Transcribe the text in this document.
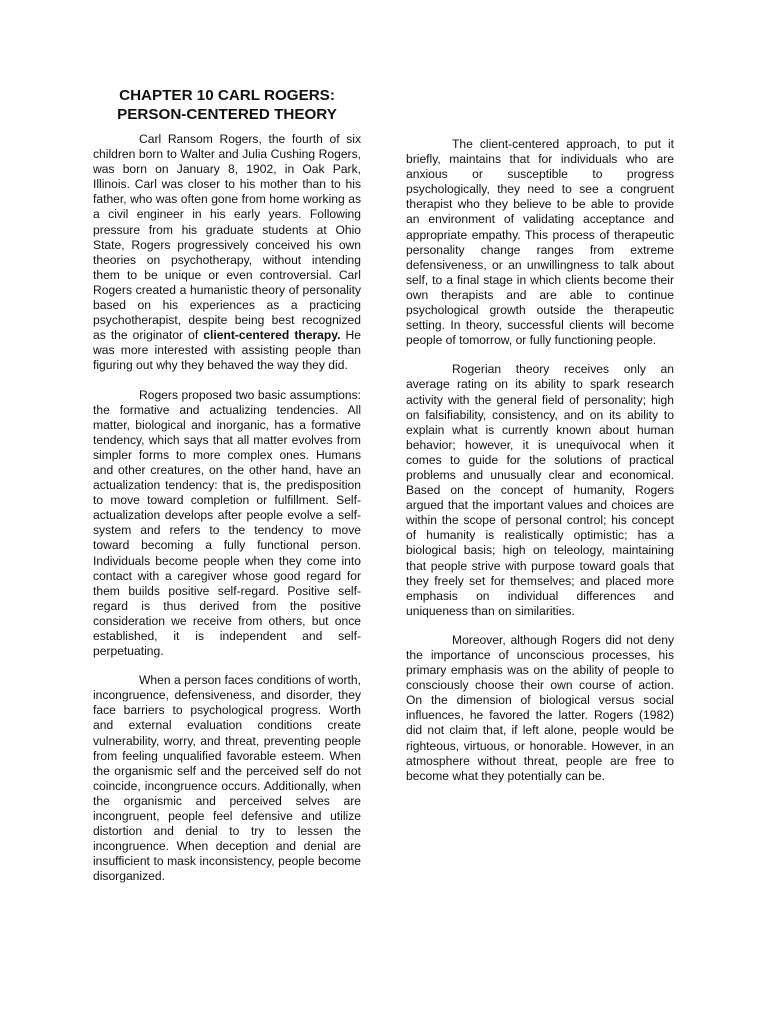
CHAPTER 10 CARL ROGERS:
PERSON-CENTERED THEORY

Carl Ransom Rogers, the fourth of six children born to Walter and Julia Cushing Rogers, was born on January 8, 1902, in Oak Park, Illinois. Carl was closer to his mother than to his father, who was often gone from home working as a civil engineer in his early years. Following pressure from his graduate students at Ohio State, Rogers progressively conceived his own theories on psychotherapy, without intending them to be unique or even controversial. Carl Rogers created a humanistic theory of personality based on his experiences as a practicing psychotherapist, despite being best recognized as the originator of client-centered therapy. He was more interested with assisting people than figuring out why they behaved the way they did.

Rogers proposed two basic assumptions: the formative and actualizing tendencies. All matter, biological and inorganic, has a formative tendency, which says that all matter evolves from simpler forms to more complex ones. Humans and other creatures, on the other hand, have an actualization tendency: that is, the predisposition to move toward completion or fulfillment. Self-actualization develops after people evolve a self-system and refers to the tendency to move toward becoming a fully functional person. Individuals become people when they come into contact with a caregiver whose good regard for them builds positive self-regard. Positive self-regard is thus derived from the positive consideration we receive from others, but once established, it is independent and self-perpetuating.

When a person faces conditions of worth, incongruence, defensiveness, and disorder, they face barriers to psychological progress. Worth and external evaluation conditions create vulnerability, worry, and threat, preventing people from feeling unqualified favorable esteem. When the organismic self and the perceived self do not coincide, incongruence occurs. Additionally, when the organismic and perceived selves are incongruent, people feel defensive and utilize distortion and denial to try to lessen the incongruence. When deception and denial are insufficient to mask inconsistency, people become disorganized.

The client-centered approach, to put it briefly, maintains that for individuals who are anxious or susceptible to progress psychologically, they need to see a congruent therapist who they believe to be able to provide an environment of validating acceptance and appropriate empathy. This process of therapeutic personality change ranges from extreme defensiveness, or an unwillingness to talk about self, to a final stage in which clients become their own therapists and are able to continue psychological growth outside the therapeutic setting. In theory, successful clients will become people of tomorrow, or fully functioning people.

Rogerian theory receives only an average rating on its ability to spark research activity with the general field of personality; high on falsifiability, consistency, and on its ability to explain what is currently known about human behavior; however, it is unequivocal when it comes to guide for the solutions of practical problems and unusually clear and economical. Based on the concept of humanity, Rogers argued that the important values and choices are within the scope of personal control; his concept of humanity is realistically optimistic; has a biological basis; high on teleology, maintaining that people strive with purpose toward goals that they freely set for themselves; and placed more emphasis on individual differences and uniqueness than on similarities.

Moreover, although Rogers did not deny the importance of unconscious processes, his primary emphasis was on the ability of people to consciously choose their own course of action. On the dimension of biological versus social influences, he favored the latter. Rogers (1982) did not claim that, if left alone, people would be righteous, virtuous, or honorable. However, in an atmosphere without threat, people are free to become what they potentially can be.
